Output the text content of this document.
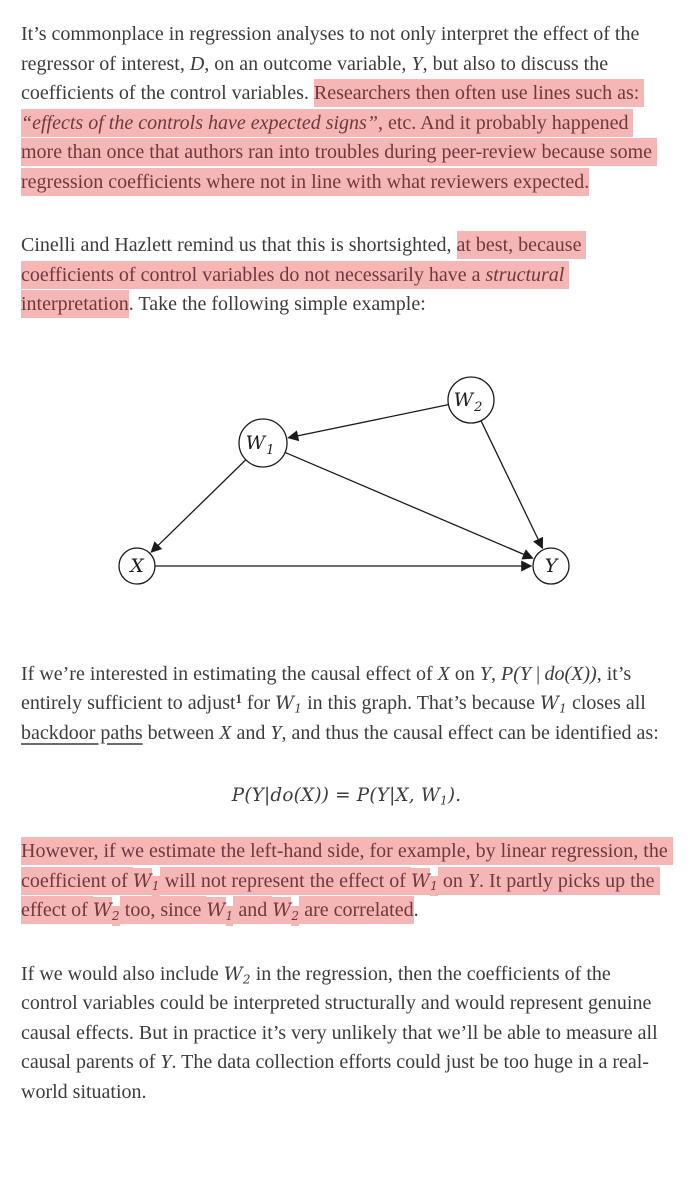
It’s commonplace in regression analyses to not only interpret the effect of the regressor of interest, D, on an outcome variable, Y, but also to discuss the coefficients of the control variables. Researchers then often use lines such as: “effects of the controls have expected signs”, etc. And it probably happened more than once that authors ran into troubles during peer-review because some regression coefficients where not in line with what reviewers expected.

Cinelli and Hazlett remind us that this is shortsighted, at best, because coefficients of control variables do not necessarily have a structural interpretation. Take the following simple example:

$W_2$
$W_1$
X	Y

If we’re interested in estimating the causal effect of X on Y, P(Y | do(X)), it’s entirely sufficient to adjust$^1$ for $W_1$ in this graph. That’s because $W_1$ closes all backdoor paths between X and Y, and thus the causal effect can be identified as:

P(Y|do(X)) = P(Y|X, $W_1$).

However, if we estimate the left-hand side, for example, by linear regression, the coefficient of $W_1$ will not represent the effect of $W_1$ on Y. It partly picks up the effect of $W_2$ too, since $W_1$ and $W_2$ are correlated.

If we would also include $W_2$ in the regression, then the coefficients of the control variables could be interpreted structurally and would represent genuine causal effects. But in practice it’s very unlikely that we’ll be able to measure all causal parents of Y. The data collection efforts could just be too huge in a real-world situation.
